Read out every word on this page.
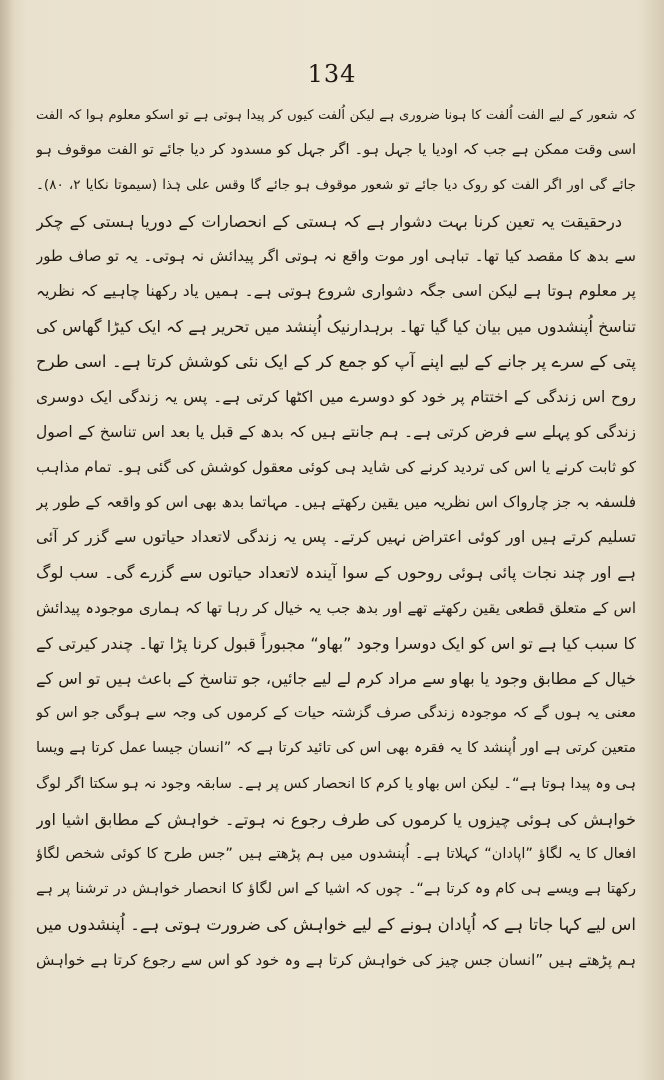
134
کہ شعور کے لیے الفت اُلفت کا ہونا ضروری ہے لیکن اُلفت کیوں کر پیدا ہوتی ہے تو اسکو معلوم ہوا کہ الفت
اسی وقت ممکن ہے جب کہ اودیا یا جہل ہو۔ اگر جہل کو مسدود کر دیا جائے تو الفت موقوف ہو
جائے گی اور اگر الفت کو روک دیا جائے تو شعور موقوف ہو جائے گا وقس علی ہٰذا (سیموتا نکایا ۲، ۸۰)۔
درحقیقت یہ تعین کرنا بہت دشوار ہے کہ ہستی کے انحصارات کے دوریا ہستی کے چکر
سے بدھ کا مقصد کیا تھا۔ تباہی اور موت واقع نہ ہوتی اگر پیدائش نہ ہوتی۔ یہ تو صاف طور
پر معلوم ہوتا ہے لیکن اسی جگہ دشواری شروع ہوتی ہے۔ ہمیں یاد رکھنا چاہیے کہ نظریہ
تناسخ اُپنشدوں میں بیان کیا گیا تھا۔ برہدارنیک اُپنشد میں تحریر ہے کہ ایک کیڑا گھاس کی
پتی کے سرے پر جانے کے لیے اپنے آپ کو جمع کر کے ایک نئی کوشش کرتا ہے۔ اسی طرح
روح اس زندگی کے اختتام پر خود کو دوسرے میں اکٹھا کرتی ہے۔ پس یہ زندگی ایک دوسری
زندگی کو پہلے سے فرض کرتی ہے۔ ہم جانتے ہیں کہ بدھ کے قبل یا بعد اس تناسخ کے اصول
کو ثابت کرنے یا اس کی تردید کرنے کی شاید ہی کوئی معقول کوشش کی گئی ہو۔ تمام مذاہب
فلسفہ بہ جز چارواک اس نظریہ میں یقین رکھتے ہیں۔ مہاتما بدھ بھی اس کو واقعہ کے طور پر
تسلیم کرتے ہیں اور کوئی اعتراض نہیں کرتے۔ پس یہ زندگی لاتعداد حیاتوں سے گزر کر آئی
ہے اور چند نجات پائی ہوئی روحوں کے سوا آیندہ لاتعداد حیاتوں سے گزرے گی۔ سب لوگ
اس کے متعلق قطعی یقین رکھتے تھے اور بدھ جب یہ خیال کر رہا تھا کہ ہماری موجودہ پیدائش
کا سبب کیا ہے تو اس کو ایک دوسرا وجود ”بھاو“ مجبوراً قبول کرنا پڑا تھا۔ چندر کیرتی کے
خیال کے مطابق وجود یا بھاو سے مراد کرم لے لیے جائیں، جو تناسخ کے باعث ہیں تو اس کے
معنی یہ ہوں گے کہ موجودہ زندگی صرف گزشتہ حیات کے کرموں کی وجہ سے ہوگی جو اس کو
متعین کرتی ہے اور اُپنشد کا یہ فقرہ بھی اس کی تائید کرتا ہے کہ ”انسان جیسا عمل کرتا ہے ویسا
ہی وہ پیدا ہوتا ہے“۔ لیکن اس بھاو یا کرم کا انحصار کس پر ہے۔ سابقہ وجود نہ ہو سکتا اگر لوگ
خواہش کی ہوئی چیزوں یا کرموں کی طرف رجوع نہ ہوتے۔ خواہش کے مطابق اشیا اور
افعال کا یہ لگاؤ ”اپادان“ کہلاتا ہے۔ اُپنشدوں میں ہم پڑھتے ہیں ”جس طرح کا کوئی شخص لگاؤ
رکھتا ہے ویسے ہی کام وہ کرتا ہے“۔ چوں کہ اشیا کے اس لگاؤ کا انحصار خواہش در ترشنا پر ہے
اس لیے کہا جاتا ہے کہ اُپادان ہونے کے لیے خواہش کی ضرورت ہوتی ہے۔ اُپنشدوں میں
ہم پڑھتے ہیں ”انسان جس چیز کی خواہش کرتا ہے وہ خود کو اس سے رجوع کرتا ہے خواہش
